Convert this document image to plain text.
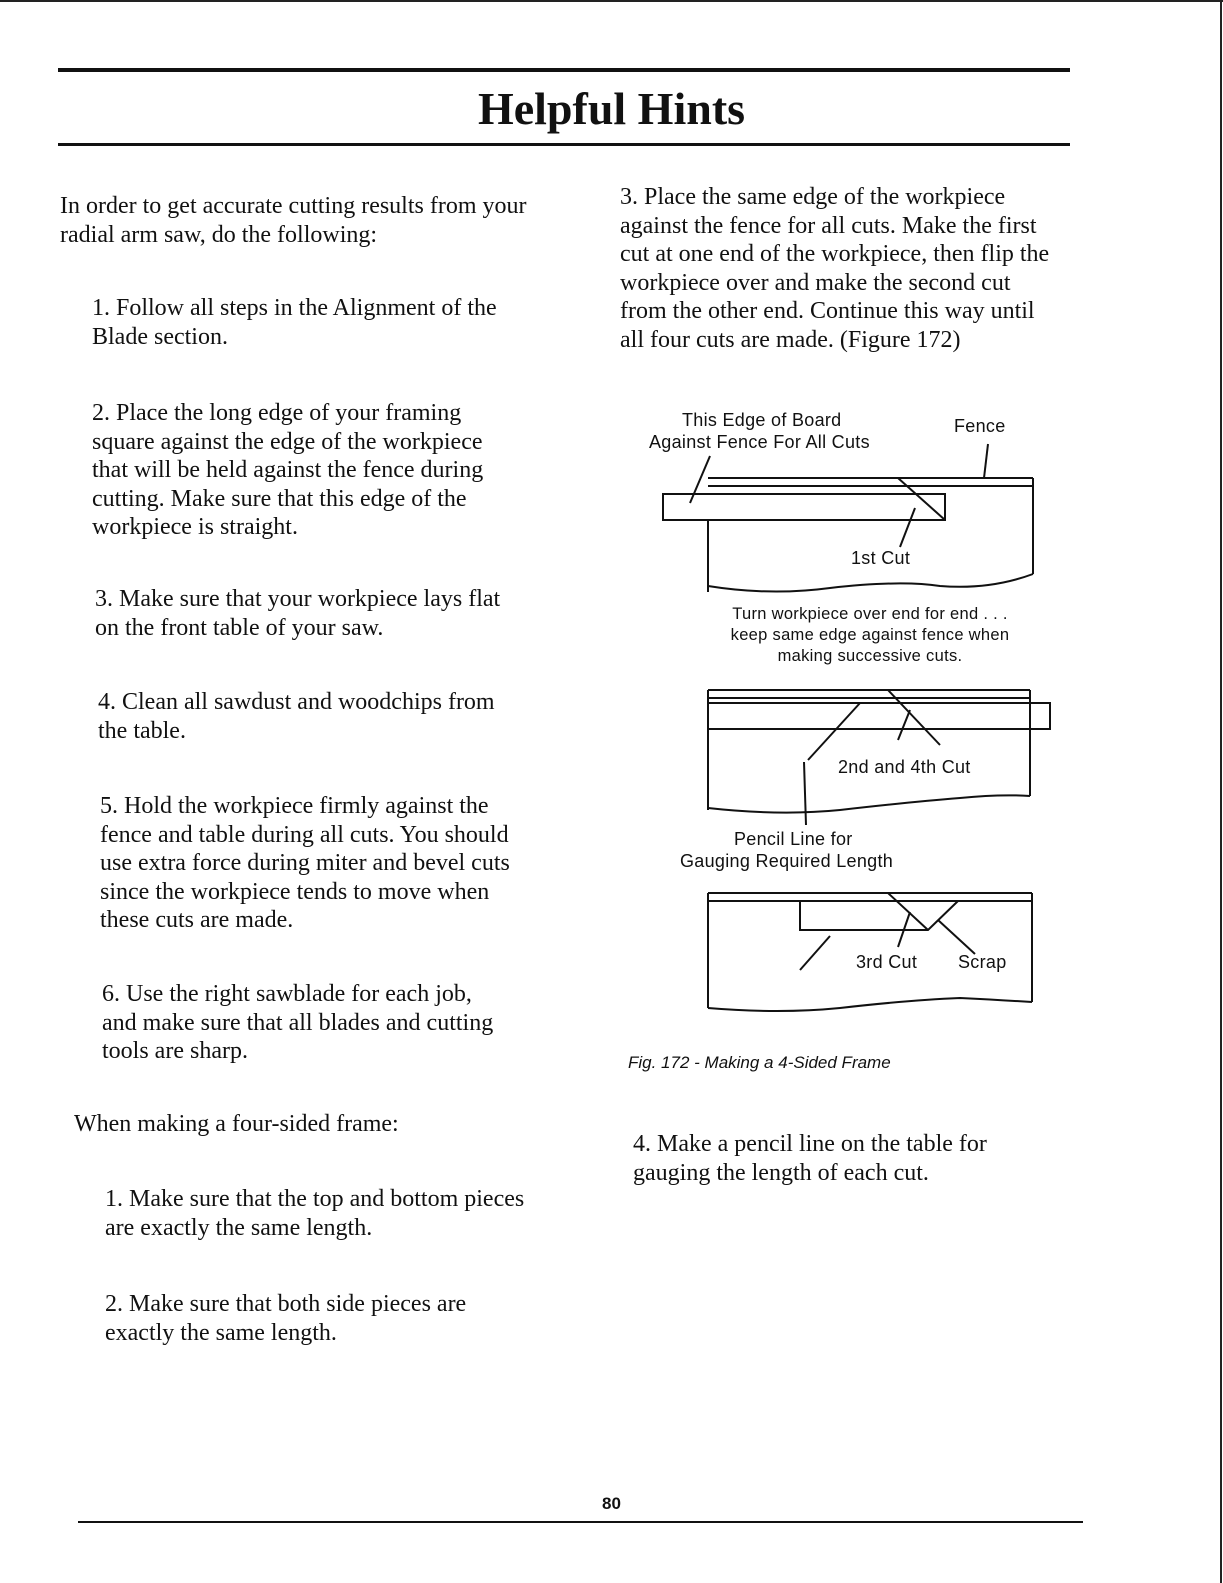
Helpful Hints

In order to get accurate cutting results from your radial arm saw, do the following:

1. Follow all steps in the Alignment of the Blade section.

2. Place the long edge of your framing square against the edge of the workpiece that will be held against the fence during cutting. Make sure that this edge of the workpiece is straight.

3. Make sure that your workpiece lays flat on the front table of your saw.

4. Clean all sawdust and woodchips from the table.

5. Hold the workpiece firmly against the fence and table during all cuts. You should use extra force during miter and bevel cuts since the workpiece tends to move when these cuts are made.

6. Use the right sawblade for each job, and make sure that all blades and cutting tools are sharp.

When making a four-sided frame:

1. Make sure that the top and bottom pieces are exactly the same length.

2. Make sure that both side pieces are exactly the same length.

3. Place the same edge of the workpiece against the fence for all cuts. Make the first cut at one end of the workpiece, then flip the workpiece over and make the second cut from the other end. Continue this way until all four cuts are made. (Figure 172)

This Edge of Board
Against Fence For All Cuts
Fence
1st Cut
Turn workpiece over end for end . . .
keep same edge against fence when
making successive cuts.
2nd and 4th Cut
Pencil Line for
Gauging Required Length
3rd Cut Scrap
Fig. 172 - Making a 4-Sided Frame

4. Make a pencil line on the table for gauging the length of each cut.

80
